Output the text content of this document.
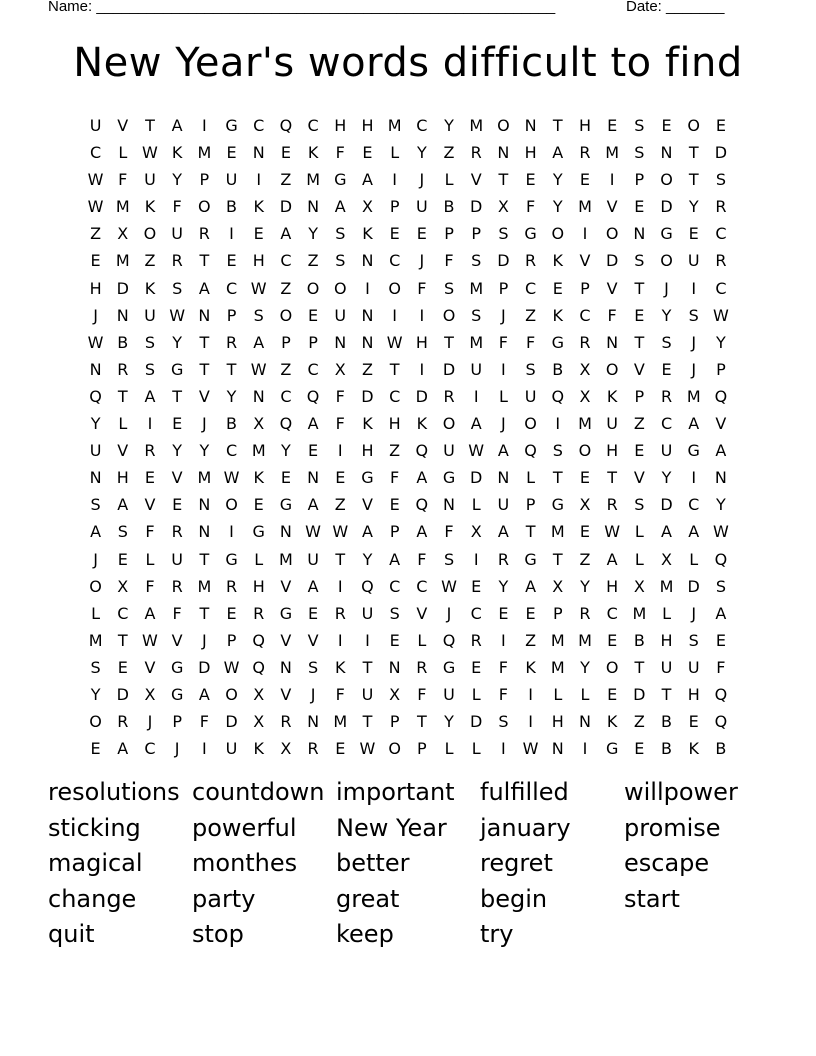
Name: _______________________________________________________	Date: _______
New Year's words difficult to find
U V	T	A	I	G C Q C H H M C	Y M O N	T	H	E	S	E O E
C	L W K M E	N	E	K	F	E	L	Y	Z	R N H A	R M S	N	T	D
W F	U	Y	P	U	I	Z M G A	I	J	L	V	T	E	Y	E	I	P	O	T	S
W M K	F	O B	K D N A	X	P	U B D X	F	Y M V	E D	Y	R
Z	X O U R	I	E	A	Y	S	K	E	E	P	P	S G O	I	O N G E	C
E M Z	R	T	E	H C	Z	S	N C	J	F	S D R	K	V D S O U R
H D K	S	A	C W Z O O	I	O	F	S M P	C	E	P	V	T	J	I	C
J	N U W N	P	S O E	U N	I	I	O S	J	Z	K	C	F	E	Y	S W
W B	S	Y	T	R	A	P	P	N N W H	T M F	F	G R N	T	S	J	Y
N R	S G	T	T W Z	C	X	Z	T	I	D U	I	S	B	X O V	E	J	P
Q	T	A	T	V	Y	N C Q	F	D C D R	I	L	U Q X	K	P	R M Q
Y	L	I	E	J	B	X Q A	F	K H K O A	J	O	I	M U Z	C	A	V
U V	R	Y	Y	C M Y	E	I	H Z Q U W A Q S O H	E	U G A
N H	E	V M W K	E	N	E G	F	A G D N	L	T	E	T	V	Y	I	N
S	A	V	E	N O E G A	Z	V	E Q N	L	U	P	G X	R	S D C	Y
A	S	F	R N	I	G N W W A	P	A	F	X	A	T M E W L	A	A W
J	E	L	U	T	G	L M U	T	Y	A	F	S	I	R G	T	Z	A	L	X	L	Q
O X	F	R M R H V	A	I	Q C	C W E	Y	A	X	Y	H X M D S
L	C	A	F	T	E	R G E	R U	S	V	J	C	E	E	P	R	C M L	J	A
M T W V	J	P	Q V	V	I	I	E	L	Q R	I	Z M M E	B H	S	E
S	E	V G D W Q N	S	K	T	N R G E	F	K M Y	O	T	U U	F
Y	D X G A O X	V	J	F	U X	F	U	L	F	I	L	L	E D	T	H Q
O R	J	P	F	D X	R N M T	P	T	Y	D S	I	H N K	Z	B	E Q
E	A	C	J	I	U	K	X	R	E W O	P	L	L	I	W N	I	G E	B	K	B
resolutions countdown important	fulfilled	willpower
sticking	powerful	New Year	january	promise
magical	monthes	better	regret	escape
change	party	great	begin	start
quit	stop	keep	try
